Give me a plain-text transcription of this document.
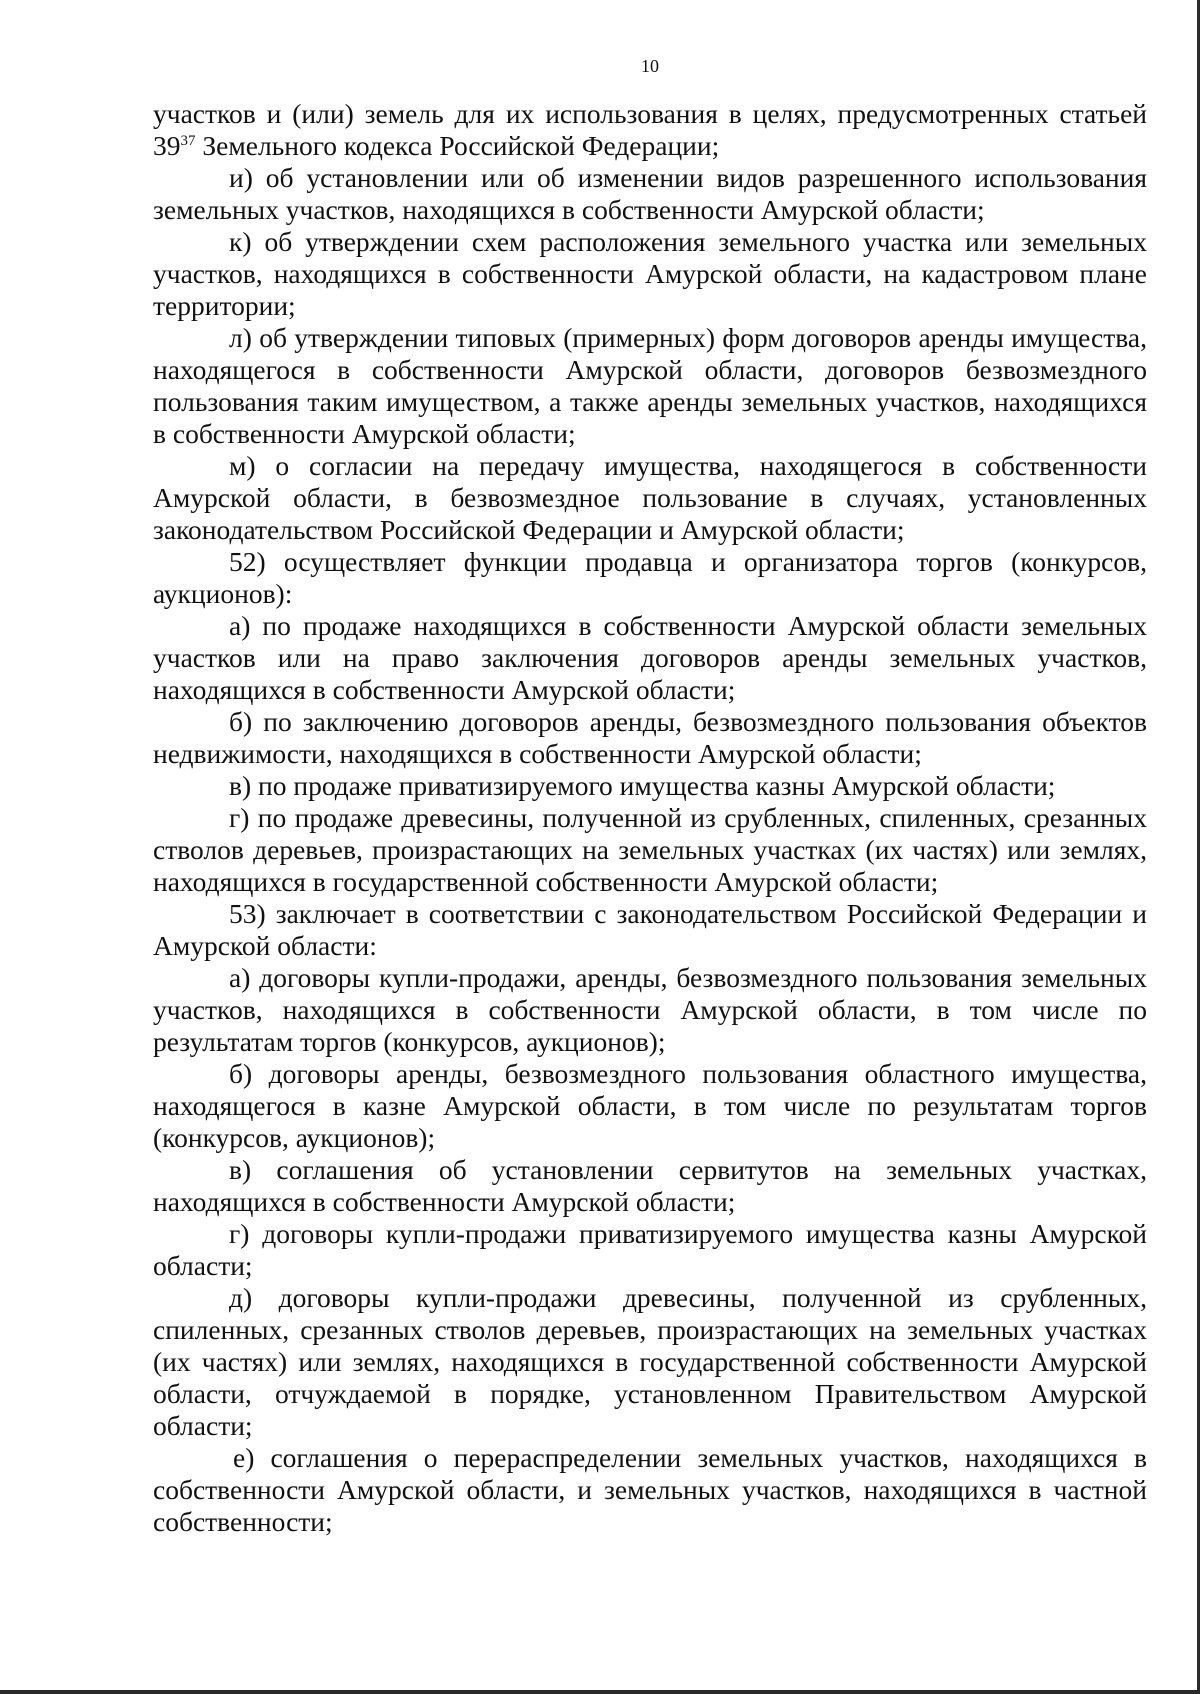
10

участков и (или) земель для их использования в целях, предусмотренных статьей $39^{37}$ Земельного кодекса Российской Федерации;

и) об установлении или об изменении видов разрешенного использования земельных участков, находящихся в собственности Амурской области;

к) об утверждении схем расположения земельного участка или земельных участков, находящихся в собственности Амурской области, на кадастровом плане территории;

л) об утверждении типовых (примерных) форм договоров аренды имущества, находящегося в собственности Амурской области, договоров безвозмездного пользования таким имуществом, а также аренды земельных участков, находящихся в собственности Амурской области;

м) о согласии на передачу имущества, находящегося в собственности Амурской области, в безвозмездное пользование в случаях, установленных законодательством Российской Федерации и Амурской области;

52) осуществляет функции продавца и организатора торгов (конкурсов, аукционов):

а) по продаже находящихся в собственности Амурской области земельных участков или на право заключения договоров аренды земельных участков, находящихся в собственности Амурской области;

б) по заключению договоров аренды, безвозмездного пользования объектов недвижимости, находящихся в собственности Амурской области;

в) по продаже приватизируемого имущества казны Амурской области;

г) по продаже древесины, полученной из срубленных, спиленных, срезанных стволов деревьев, произрастающих на земельных участках (их частях) или землях, находящихся в государственной собственности Амурской области;

53) заключает в соответствии с законодательством Российской Федерации и Амурской области:

а) договоры купли-продажи, аренды, безвозмездного пользования земельных участков, находящихся в собственности Амурской области, в том числе по результатам торгов (конкурсов, аукционов);

б) договоры аренды, безвозмездного пользования областного имущества, находящегося в казне Амурской области, в том числе по результатам торгов (конкурсов, аукционов);

в) соглашения об установлении сервитутов на земельных участках, находящихся в собственности Амурской области;

г) договоры купли-продажи приватизируемого имущества казны Амурской области;

д) договоры купли-продажи древесины, полученной из срубленных, спиленных, срезанных стволов деревьев, произрастающих на земельных участках (их частях) или землях, находящихся в государственной собственности Амурской области, отчуждаемой в порядке, установленном Правительством Амурской области;

е) соглашения о перераспределении земельных участков, находящихся в собственности Амурской области, и земельных участков, находящихся в частной собственности;
